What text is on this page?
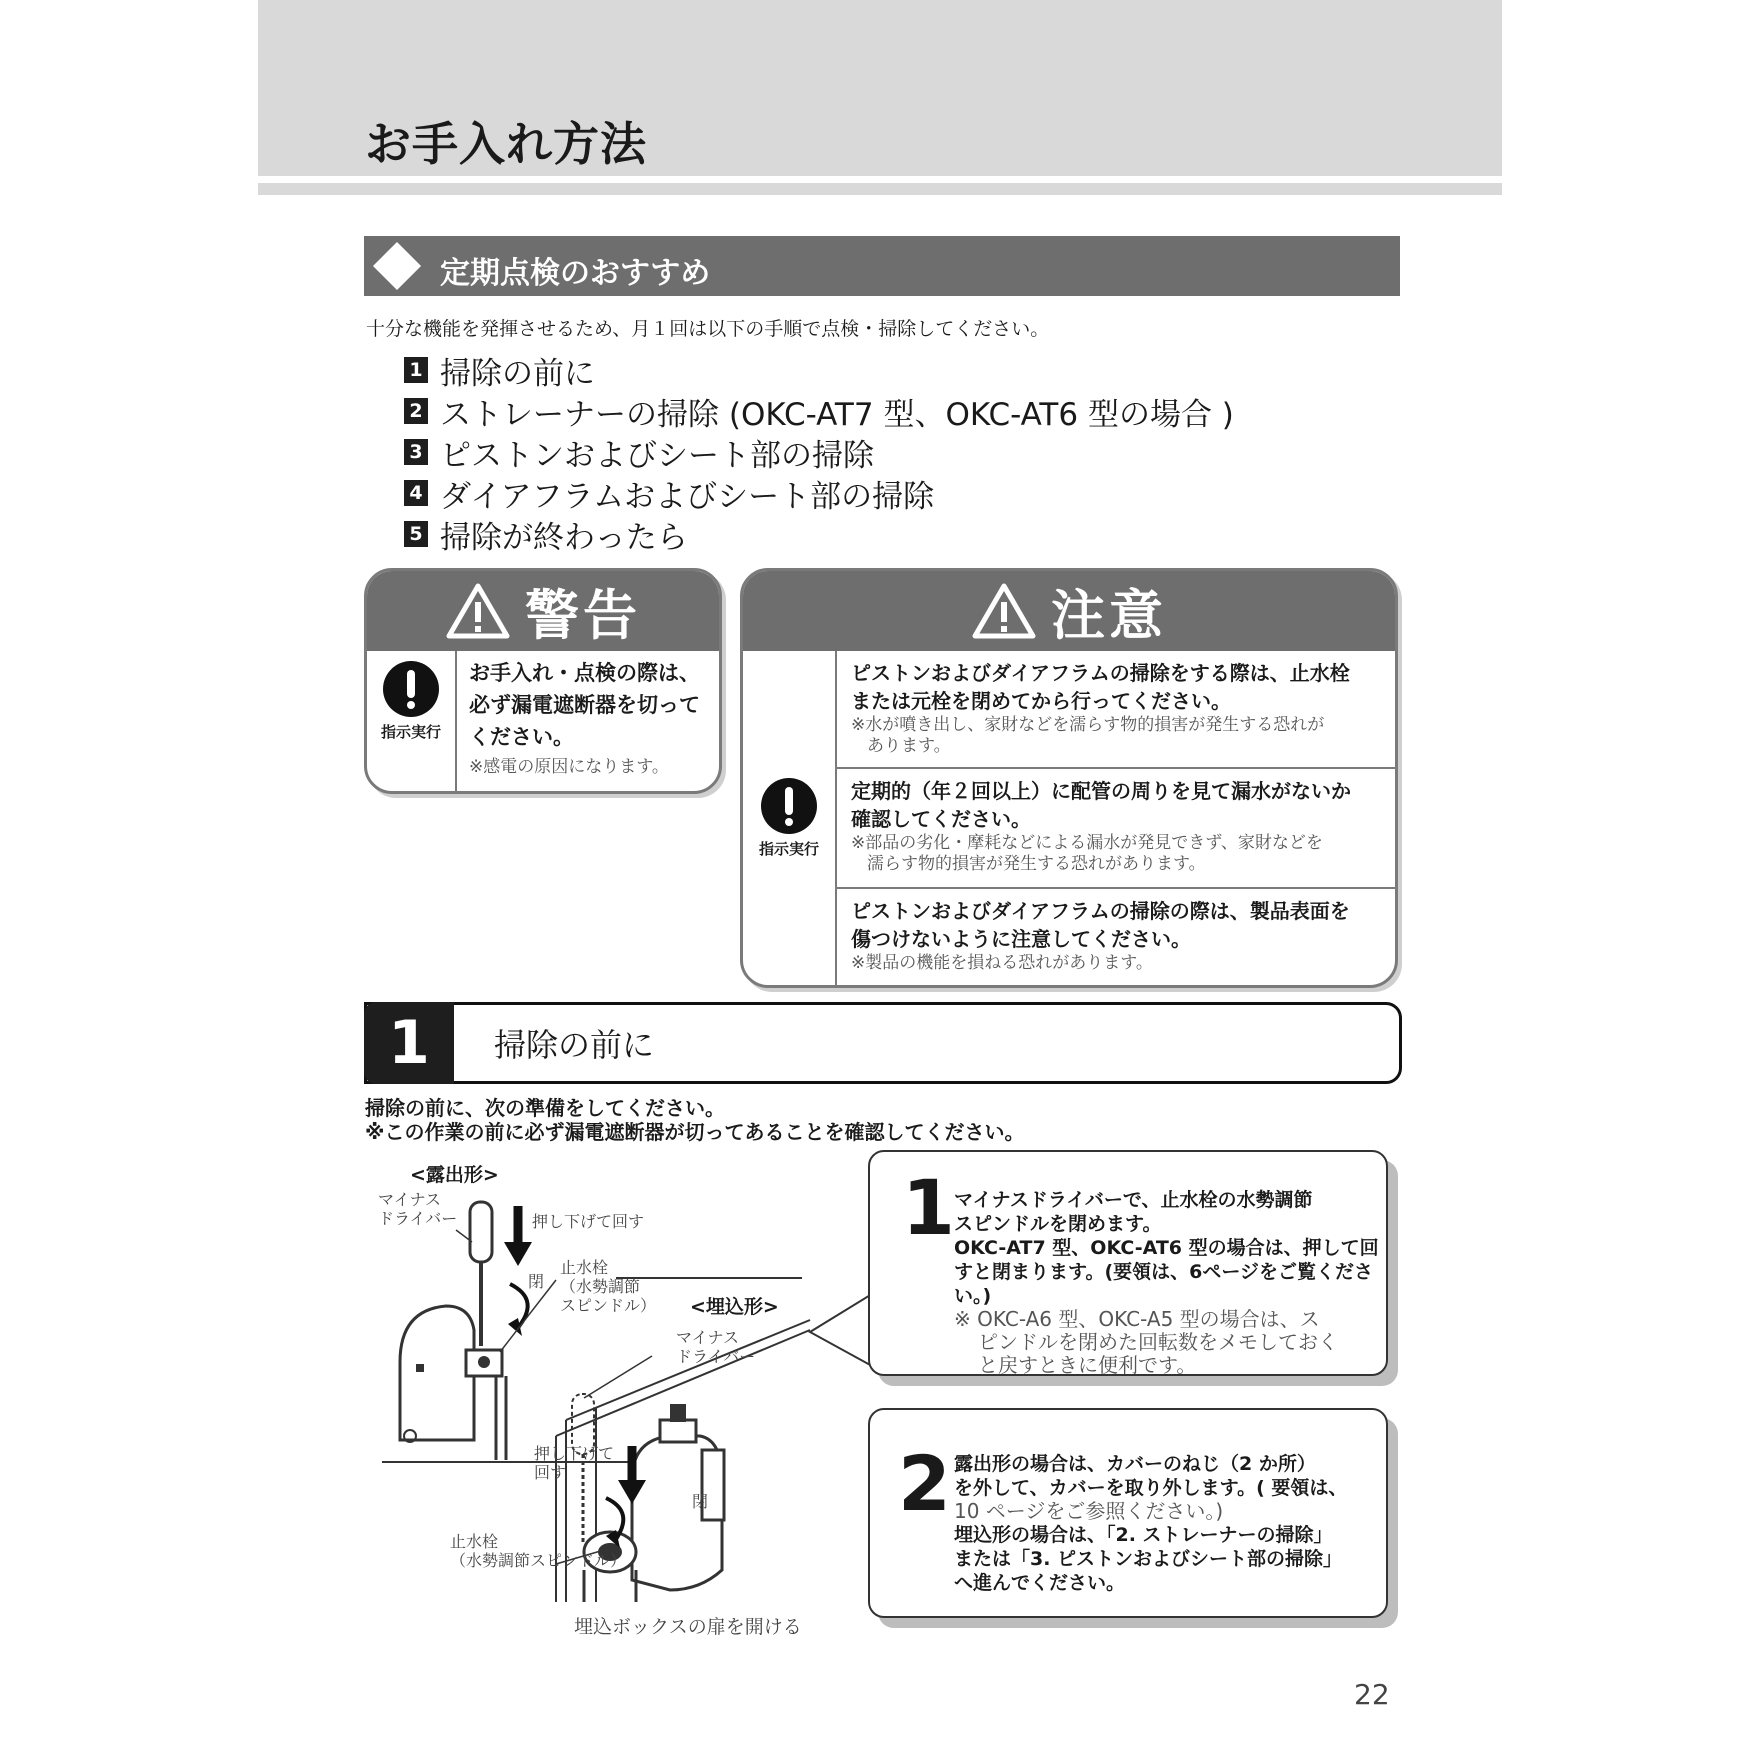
お手入れ方法
定期点検のおすすめ
十分な機能を発揮させるため、月１回は以下の手順で点検・掃除してください。
1 掃除の前に
2 ストレーナーの掃除 (OKC-AT7 型、OKC-AT6 型の場合 )
3 ピストンおよびシート部の掃除
4 ダイアフラムおよびシート部の掃除
5 掃除が終わったら
警告
指示実行
お手入れ・点検の際は、
必ず漏電遮断器を切って
ください。
※感電の原因になります。
注意
指示実行
ピストンおよびダイアフラムの掃除をする際は、止水栓
または元栓を閉めてから行ってください。
※水が噴き出し、家財などを濡らす物的損害が発生する恐れが
あります。
定期的（年２回以上）に配管の周りを見て漏水がないか
確認してください。
※部品の劣化・摩耗などによる漏水が発見できず、家財などを
濡らす物的損害が発生する恐れがあります。
ピストンおよびダイアフラムの掃除の際は、製品表面を
傷つけないように注意してください。
※製品の機能を損ねる恐れがあります。
1	掃除の前に
掃除の前に、次の準備をしてください。
※この作業の前に必ず漏電遮断器が切ってあることを確認してください。
<露出形>
<埋込形>
マイナス
ドライバー	押し下げて回す
閉
止水栓
（水勢調節
スピンドル）
マイナス
ドライバー
押し下げて
回す
閉
止水栓
（水勢調節スピンドル）
埋込ボックスの扉を開ける
1 マイナスドライバーで、止水栓の水勢調節
スピンドルを閉めます。
OKC-AT7 型、OKC-AT6 型の場合は、押して回
すと閉まります。(要領は、6ページをご覧ください。)
※ OKC-A6 型、OKC-A5 型の場合は、ス
ピンドルを閉めた回転数をメモしておく
と戻すときに便利です。
2 露出形の場合は、カバーのねじ（2 か所）
を外して、カバーを取り外します。( 要領は、
10 ページをご参照ください。)
埋込形の場合は、「2. ストレーナーの掃除」
または「3. ピストンおよびシート部の掃除」
へ進んでください。
22
